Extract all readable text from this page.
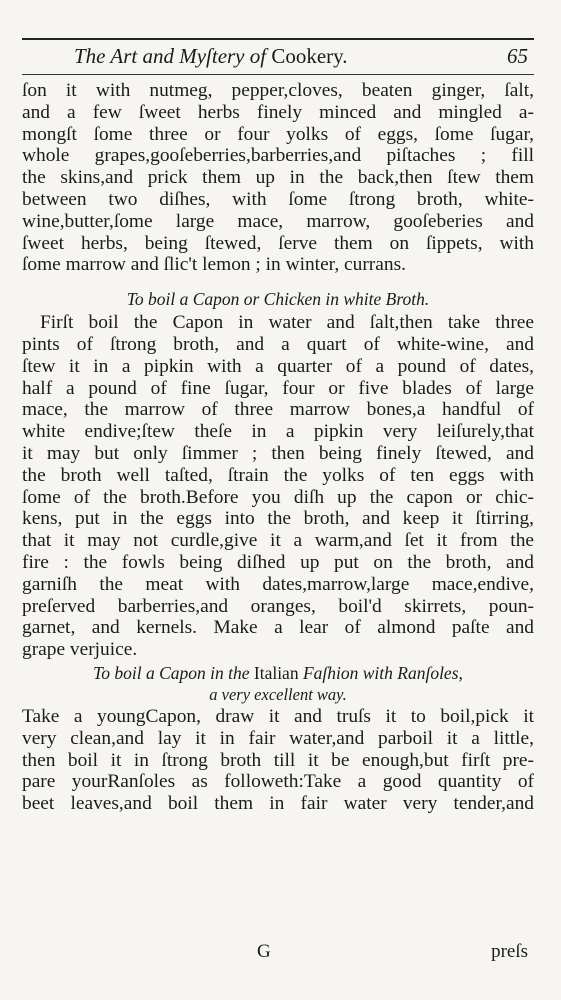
The Art and Myſtery of Cookery.	65
ſon it with nutmeg, pepper,cloves, beaten ginger, ſalt,
and a few ſweet herbs finely minced and mingled a-
mongſt ſome three or four yolks of eggs, ſome ſugar,
whole grapes,gooſeberries,barberries,and piſtaches ; fill
the skins,and prick them up in the back,then ſtew them
between two diſhes, with ſome ſtrong broth, white-
wine,butter,ſome large mace, marrow, gooſeberies and
ſweet herbs, being ſtewed, ſerve them on ſippets, with
ſome marrow and ſlic't lemon ; in winter, currans.
To boil a Capon or Chicken in white Broth.
Firſt boil the Capon in water and ſalt,then take three
pints of ſtrong broth, and a quart of white-wine, and
ſtew it in a pipkin with a quarter of a pound of dates,
half a pound of fine ſugar, four or five blades of large
mace, the marrow of three marrow bones,a handful of
white endive;ſtew theſe in a pipkin very leiſurely,that
it may but only ſimmer ; then being finely ſtewed, and
the broth well taſted, ſtrain the yolks of ten eggs with
ſome of the broth.Before you diſh up the capon or chic-
kens, put in the eggs into the broth, and keep it ſtirring,
that it may not curdle,give it a warm,and ſet it from the
fire : the fowls being diſhed up put on the broth, and
garniſh the meat with dates,marrow,large mace,endive,
preſerved barberries,and oranges, boil'd skirrets, poun-
garnet, and kernels. Make a lear of almond paſte and
grape verjuice.
To boil a Capon in the Italian Faſhion with Ranſoles,
a very excellent way.
Take a youngCapon, draw it and truſs it to boil,pick it
very clean,and lay it in fair water,and parboil it a little,
then boil it in ſtrong broth till it be enough,but firſt pre-
pare yourRanſoles as followeth:Take a good quantity of
beet leaves,and boil them in fair water very tender,and
G	preſs
